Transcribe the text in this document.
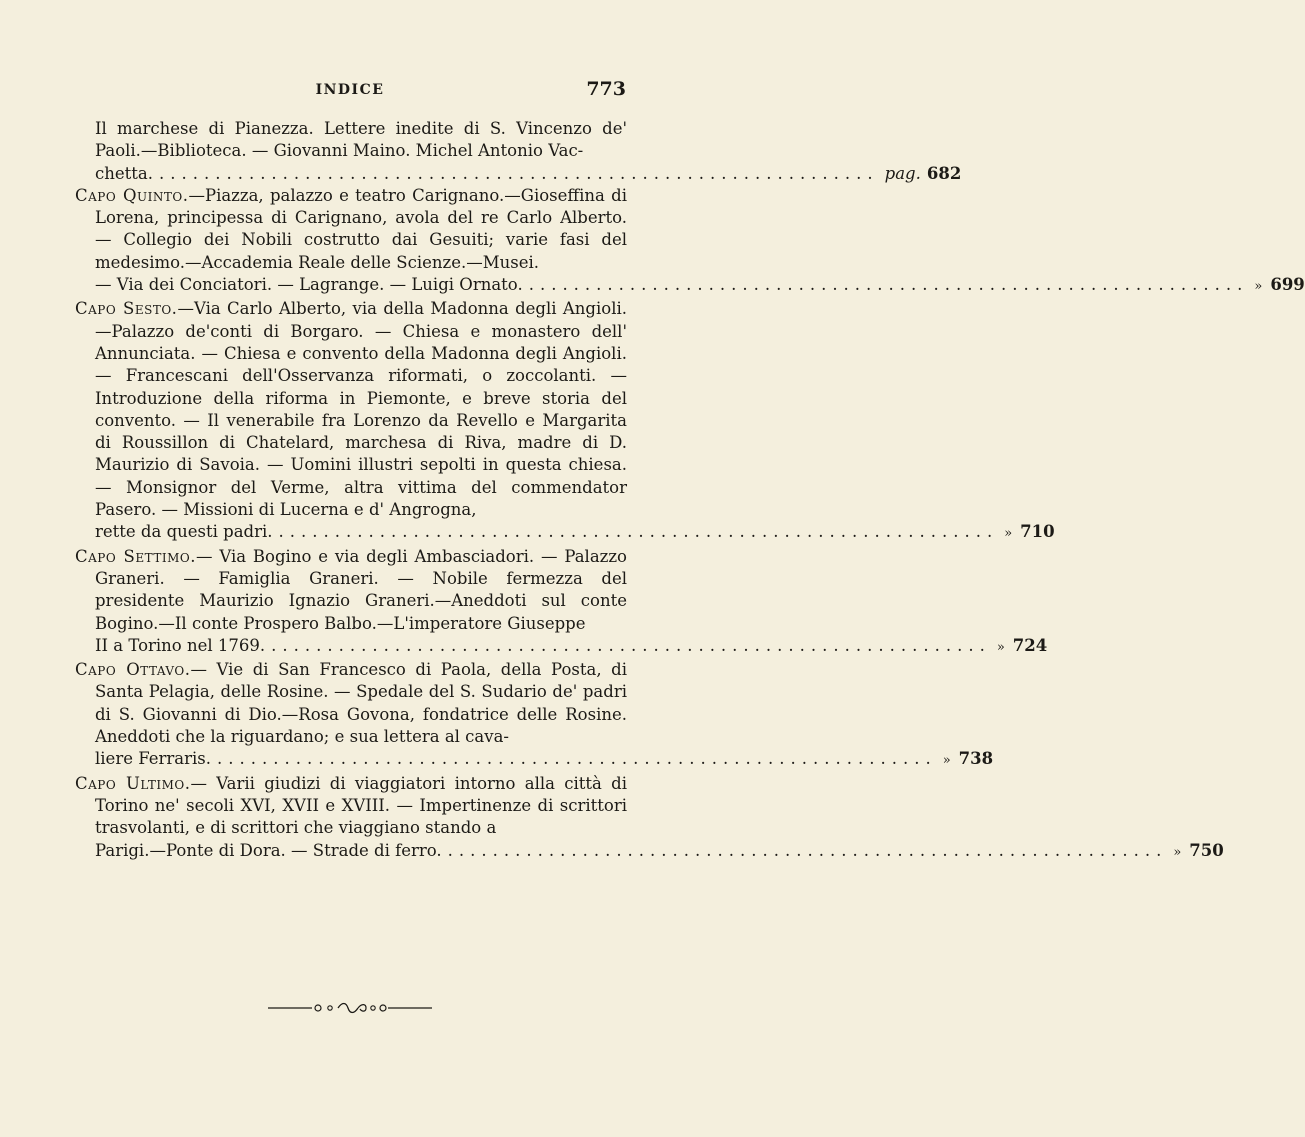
INDICE	773
Il marchese di Pianezza. Lettere inedite di S. Vincenzo de' Paoli.—Biblioteca. — Giovanni Maino. Michel Antonio Vac-
chetta. ................................................................ pag. 682
Capo Quinto.—Piazza, palazzo e teatro Carignano.—Gioseffina di Lorena, principessa di Carignano, avola del re Carlo Alberto. — Collegio dei Nobili costrutto dai Gesuiti; varie fasi del medesimo.—Accademia Reale delle Scienze.—Musei.
— Via dei Conciatori. — Lagrange. — Luigi Ornato. ................................................................ » 699
Capo Sesto.—Via Carlo Alberto, via della Madonna degli Angioli.—Palazzo de'conti di Borgaro. — Chiesa e monastero dell' Annunciata. — Chiesa e convento della Madonna degli Angioli. — Francescani dell'Osservanza riformati, o zoccolanti. — Introduzione della riforma in Piemonte, e breve storia del convento. — Il venerabile fra Lorenzo da Revello e Margarita di Roussillon di Chatelard, marchesa di Riva, madre di D. Maurizio di Savoia. — Uomini illustri sepolti in questa chiesa. — Monsignor del Verme, altra vittima del commendator Pasero. — Missioni di Lucerna e d' Angrogna,
rette da questi padri. ................................................................ » 710
Capo Settimo.— Via Bogino e via degli Ambasciadori. — Palazzo Graneri. — Famiglia Graneri. — Nobile fermezza del presidente Maurizio Ignazio Graneri.—Aneddoti sul conte Bogino.—Il conte Prospero Balbo.—L'imperatore Giuseppe
II a Torino nel 1769. ................................................................ » 724
Capo Ottavo.— Vie di San Francesco di Paola, della Posta, di Santa Pelagia, delle Rosine. — Spedale del S. Sudario de' padri di S. Giovanni di Dio.—Rosa Govona, fondatrice delle Rosine. Aneddoti che la riguardano; e sua lettera al cava-
liere Ferraris. ................................................................ » 738
Capo Ultimo.— Varii giudizi di viaggiatori intorno alla città di Torino ne' secoli XVI, XVII e XVIII. — Impertinenze di scrittori trasvolanti, e di scrittori che viaggiano stando a
Parigi.—Ponte di Dora. — Strade di ferro. ................................................................ » 750
